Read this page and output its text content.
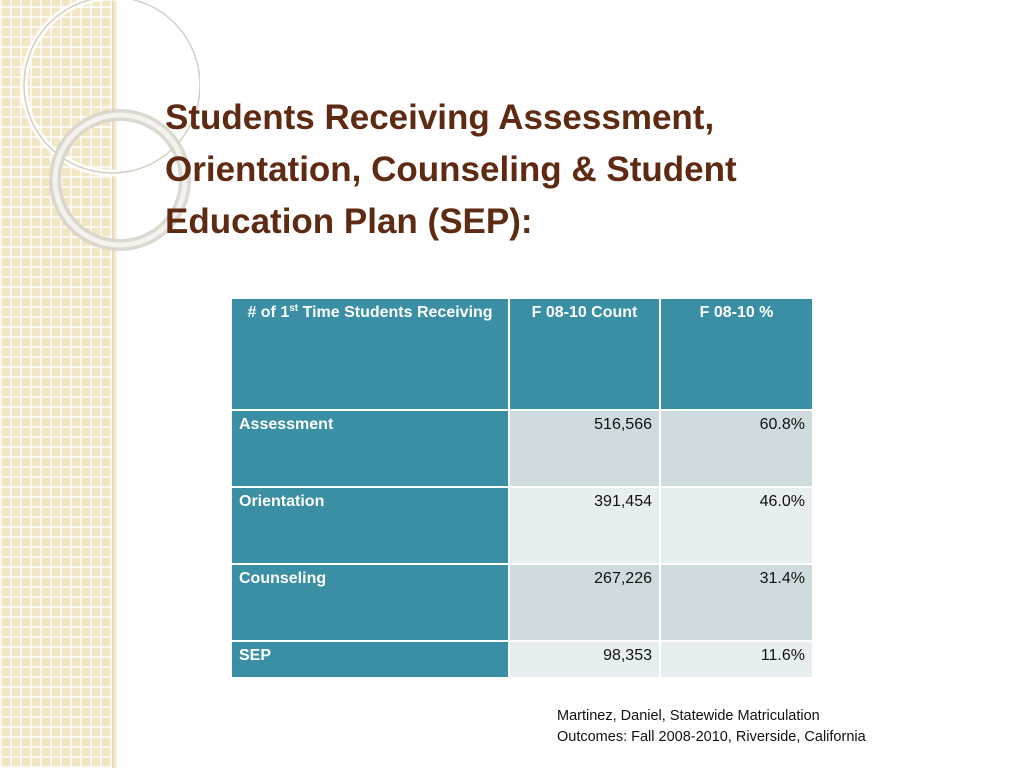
Students Receiving Assessment,
Orientation, Counseling & Student
Education Plan (SEP):
# of 1st Time Students Receiving	F 08-10 Count	F 08-10 %
Assessment	516,566	60.8%
Orientation	391,454	46.0%
Counseling	267,226	31.4%
SEP	98,353	11.6%
Martinez, Daniel, Statewide Matriculation
Outcomes: Fall 2008-2010, Riverside, California
